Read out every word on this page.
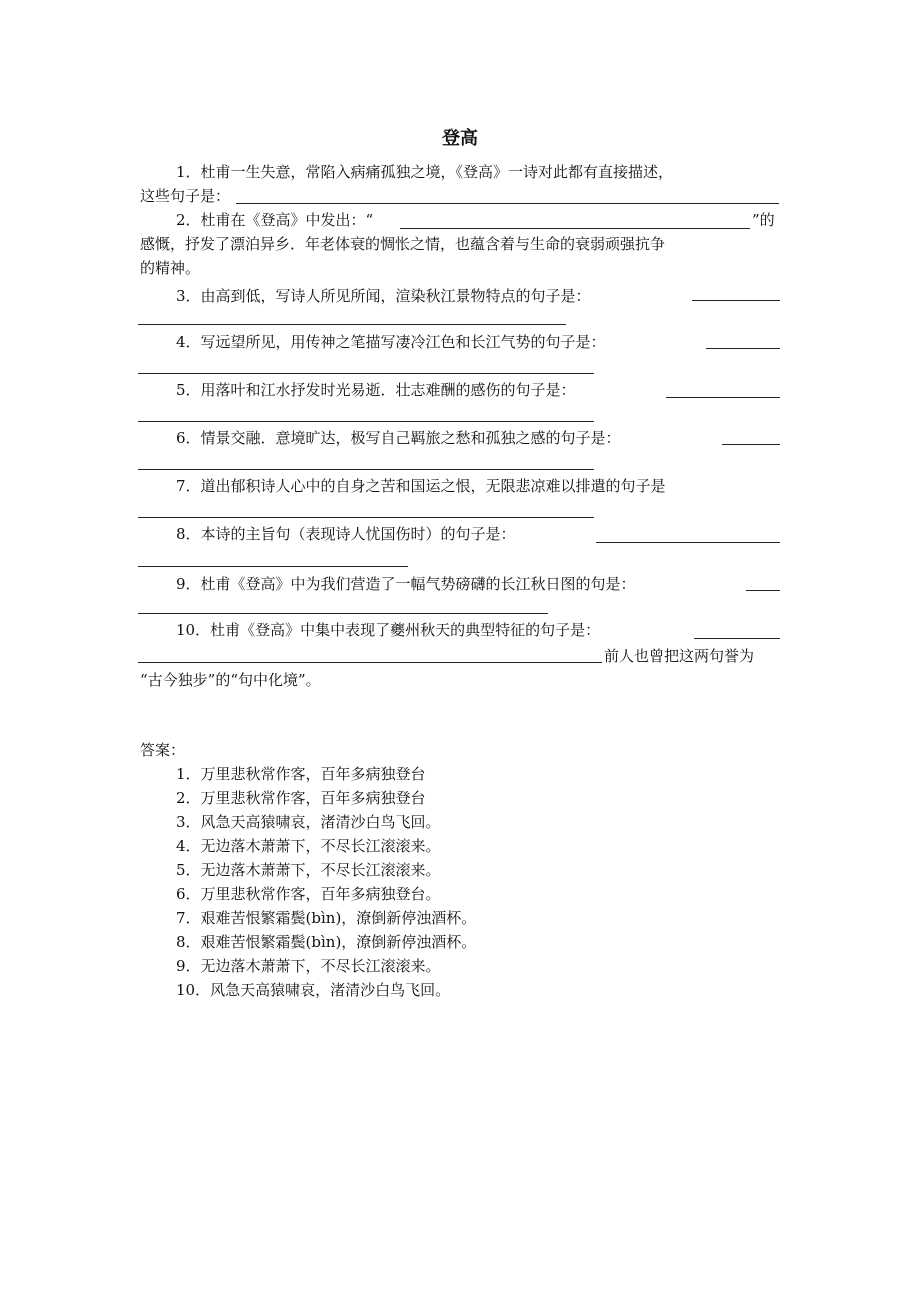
登高
1．杜甫一生失意，常陷入病痛孤独之境，《登高》一诗对此都有直接描述，
这些句子是：
2．杜甫在《登高》中发出：“	”的
感慨，抒发了漂泊异乡．年老体衰的惆怅之情，也蕴含着与生命的衰弱顽强抗争
的精神。
3．由高到低，写诗人所见所闻，渲染秋江景物特点的句子是：
4．写远望所见，用传神之笔描写凄冷江色和长江气势的句子是：
5．用落叶和江水抒发时光易逝．壮志难酬的感伤的句子是：
6．情景交融．意境旷达，极写自己羁旅之愁和孤独之感的句子是：
7．道出郁积诗人心中的自身之苦和国运之恨，无限悲凉难以排遣的句子是
8．本诗的主旨句（表现诗人忧国伤时）的句子是：
9．杜甫《登高》中为我们营造了一幅气势磅礴的长江秋日图的句是：
10．杜甫《登高》中集中表现了夔州秋天的典型特征的句子是：
前人也曾把这两句誉为
“古今独步”的“句中化境”。
答案：
1．万里悲秋常作客，百年多病独登台
2．万里悲秋常作客，百年多病独登台
3．风急天高猿啸哀，渚清沙白鸟飞回。
4．无边落木萧萧下，不尽长江滚滚来。
5．无边落木萧萧下，不尽长江滚滚来。
6．万里悲秋常作客，百年多病独登台。
7．艰难苦恨繁霜鬓(bìn)，潦倒新停浊酒杯。
8．艰难苦恨繁霜鬓(bìn)，潦倒新停浊酒杯。
9．无边落木萧萧下，不尽长江滚滚来。
10．风急天高猿啸哀，渚清沙白鸟飞回。
